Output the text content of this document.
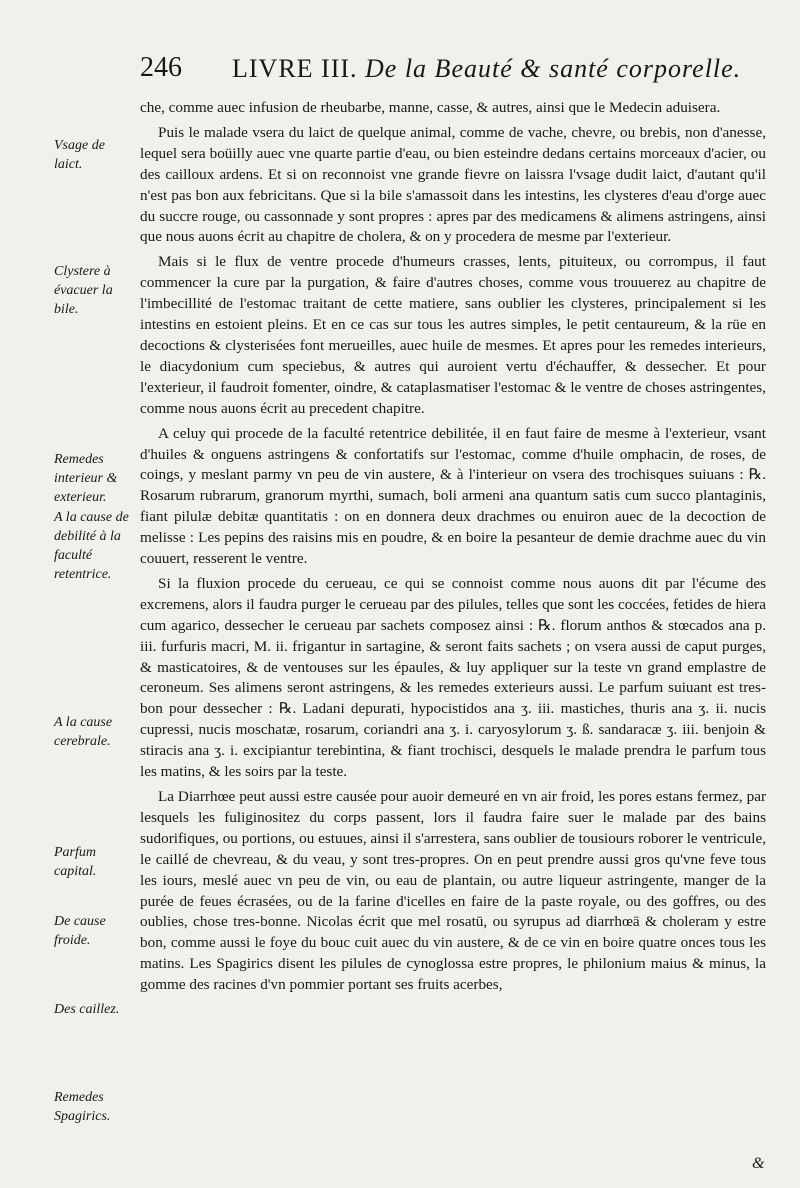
246 LIVRE III. De la Beauté & santé corporelle.
Vsage de laict.
Clystere à évacuer la bile.
Remedes interieur & exterieur.
A la cause de debilité à la faculté retentrice.
A la cause cerebrale.
Parfum capital.
De cause froide.
Des caillez.
Remedes Spagirics.

che, comme auec infusion de rheubarbe, manne, casse, & autres, ainsi que le Medecin aduisera.

Puis le malade vsera du laict de quelque animal, comme de vache, chevre, ou brebis, non d'anesse, lequel sera boüilly auec vne quarte partie d'eau, ou bien esteindre dedans certains morceaux d'acier, ou des cailloux ardens. Et si on reconnoist vne grande fievre on laissra l'vsage dudit laict, d'autant qu'il n'est pas bon aux febricitans. Que si la bile s'amassoit dans les intestins, les clysteres d'eau d'orge auec du succre rouge, ou cassonnade y sont propres : apres par des medicamens & alimens astringens, ainsi que nous auons écrit au chapitre de cholera, & on y procedera de mesme par l'exterieur.

Mais si le flux de ventre procede d'humeurs crasses, lents, pituiteux, ou corrompus, il faut commencer la cure par la purgation, & faire d'autres choses, comme vous trouuerez au chapitre de l'imbecillité de l'estomac traitant de cette matiere, sans oublier les clysteres, principalement si les intestins en estoient pleins. Et en ce cas sur tous les autres simples, le petit centaureum, & la rüe en decoctions & clysterisées font merueilles, auec huile de mesmes. Et apres pour les remedes interieurs, le diacydonium cum speciebus, & autres qui auroient vertu d'échauffer, & dessecher. Et pour l'exterieur, il faudroit fomenter, oindre, & cataplasmatiser l'estomac & le ventre de choses astringentes, comme nous auons écrit au precedent chapitre.

A celuy qui procede de la faculté retentrice debilitée, il en faut faire de mesme à l'exterieur, vsant d'huiles & onguens astringens & confortatifs sur l'estomac, comme d'huile omphacin, de roses, de coings, y meslant parmy vn peu de vin austere, & à l'interieur on vsera des trochisques suiuans : ℞. Rosarum rubrarum, granorum myrthi, sumach, boli armeni ana quantum satis cum succo plantaginis, fiant pilulæ debitæ quantitatis : on en donnera deux drachmes ou enuiron auec de la decoction de melisse : Les pepins des raisins mis en poudre, & en boire la pesanteur de demie drachme auec du vin couuert, resserent le ventre.

Si la fluxion procede du cerueau, ce qui se connoist comme nous auons dit par l'écume des excremens, alors il faudra purger le cerueau par des pilules, telles que sont les coccées, fetides de hiera cum agarico, dessecher le cerueau par sachets composez ainsi : ℞. florum anthos & stœcados ana p. iii. furfuris macri, M. ii. frigantur in sartagine, & seront faits sachets ; on vsera aussi de caput purges, & masticatoires, & de ventouses sur les épaules, & luy appliquer sur la teste vn grand emplastre de ceroneum. Ses alimens seront astringens, & les remedes exterieurs aussi. Le parfum suiuant est tres-bon pour dessecher : ℞. Ladani depurati, hypocistidos ana ʒ. iii. mastiches, thuris ana ʒ. ii. nucis cupressi, nucis moschatæ, rosarum, coriandri ana ʒ. i. caryosylorum ʒ. ß. sandaracæ ʒ. iii. benjoin & stiracis ana ʒ. i. excipiantur terebintina, & fiant trochisci, desquels le malade prendra le parfum tous les matins, & les soirs par la teste.

La Diarrhœe peut aussi estre causée pour auoir demeuré en vn air froid, les pores estans fermez, par lesquels les fuliginositez du corps passent, lors il faudra faire suer le malade par des bains sudorifiques, ou portions, ou estuues, ainsi il s'arrestera, sans oublier de tousiours roborer le ventricule, le caillé de chevreau, & du veau, y sont tres-propres. On en peut prendre aussi gros qu'vne feve tous les iours, meslé auec vn peu de vin, ou eau de plantain, ou autre liqueur astringente, manger de la purée de feues écrasées, ou de la farine d'icelles en faire de la paste royale, ou des goffres, ou des oublies, chose tres-bonne. Nicolas écrit que mel rosatū, ou syrupus ad diarrhœā & choleram y estre bon, comme aussi le foye du bouc cuit auec du vin austere, & de ce vin en boire quatre onces tous les matins. Les Spagirics disent les pilules de cynoglossa estre propres, le philonium maius & minus, la gomme des racines d'vn pommier portant ses fruits acerbes,

&
